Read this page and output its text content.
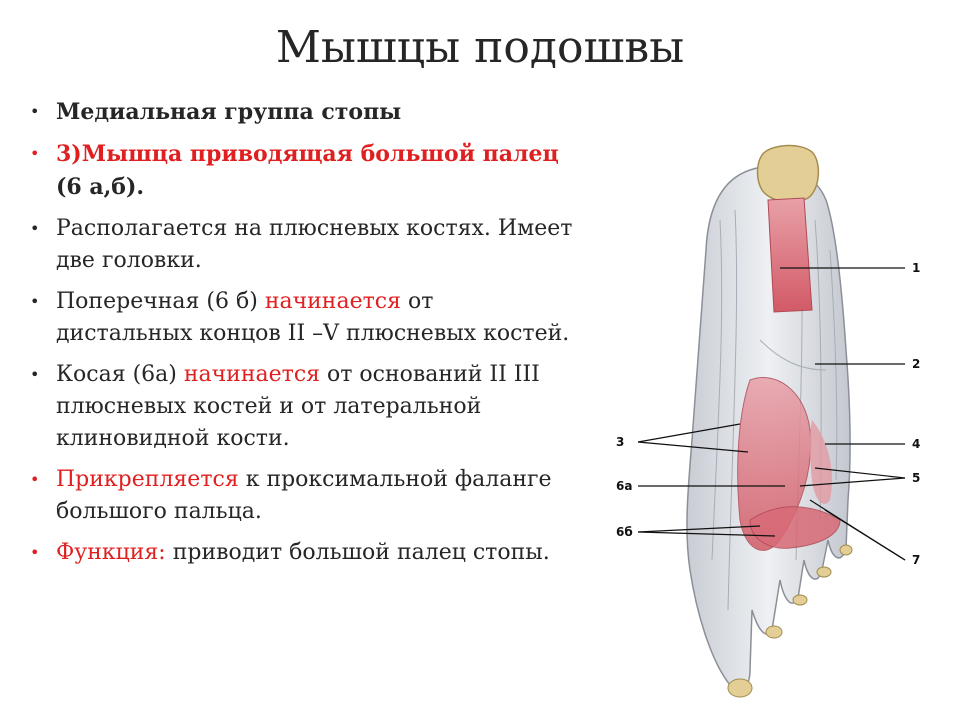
Мышцы подошвы
• Медиальная группа стопы
• 3)Мышца приводящая большой палец (6 а,б).
• Располагается на плюсневых костях. Имеет две головки.
• Поперечная (6 б) начинается от дистальных концов II –V плюсневых костей.
• Косая (6а) начинается от оснований II III плюсневых костей и от латеральной клиновидной кости.
• Прикрепляется к проксимальной фаланге большого пальца.
• Функция: приводит большой палец стопы.
1
2
3	4
5
6а
6б
7
